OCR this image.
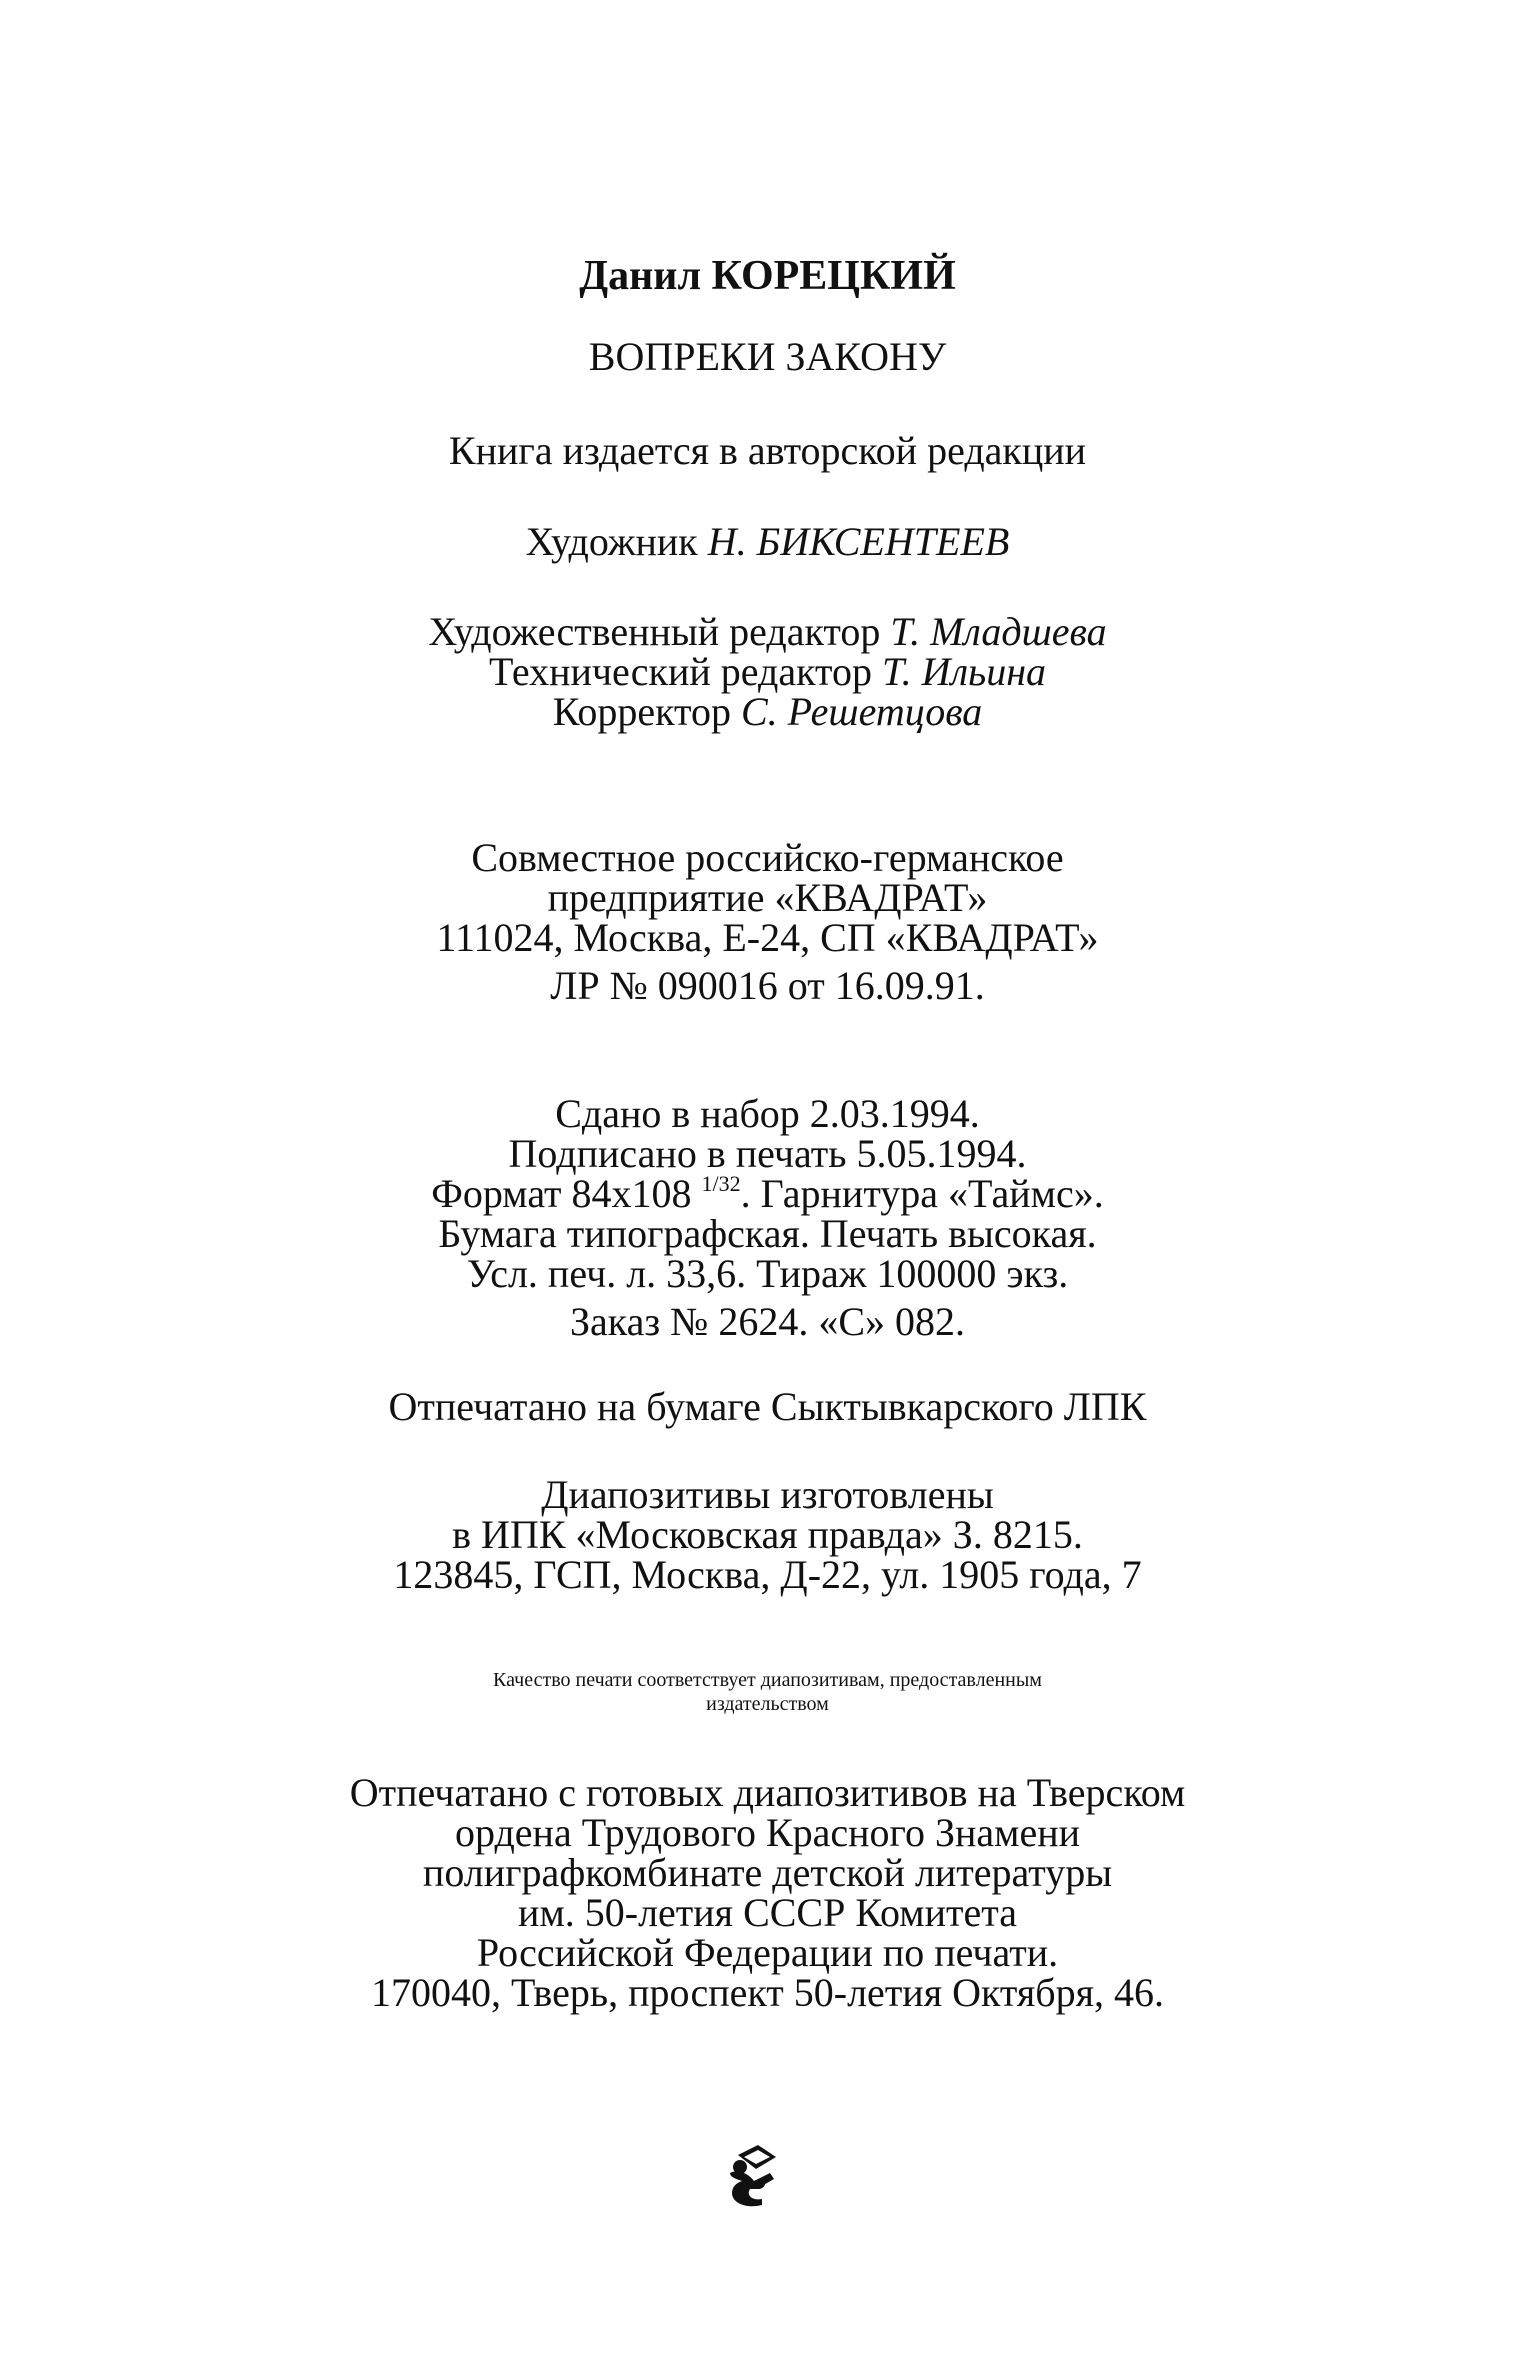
Данил КОРЕЦКИЙ
ВОПРЕКИ ЗАКОНУ
Книга издается в авторской редакции
Художник Н. БИКСЕНТЕЕВ
Художественный редактор Т. Младшева
Технический редактор Т. Ильина
Корректор С. Решетцова
Совместное российско-германское
предприятие «КВАДРАТ»
111024, Москва, Е-24, СП «КВАДРАТ»
ЛР № 090016 от 16.09.91.
Сдано в набор 2.03.1994.
Подписано в печать 5.05.1994.
Формат 84х108 $^{1/32}$. Гарнитура «Таймс».
Бумага типографская. Печать высокая.
Усл. печ. л. 33,6. Тираж 100000 экз.
Заказ № 2624. «С» 082.
Отпечатано на бумаге Сыктывкарского ЛПК
Диапозитивы изготовлены
в ИПК «Московская правда» З. 8215.
123845, ГСП, Москва, Д-22, ул. 1905 года, 7
Качество печати соответствует диапозитивам, предоставленным
издательством
Отпечатано с готовых диапозитивов на Тверском
ордена Трудового Красного Знамени
полиграфкомбинате детской литературы
им. 50-летия СССР Комитета
Российской Федерации по печати.
170040, Тверь, проспект 50-летия Октября, 46.
